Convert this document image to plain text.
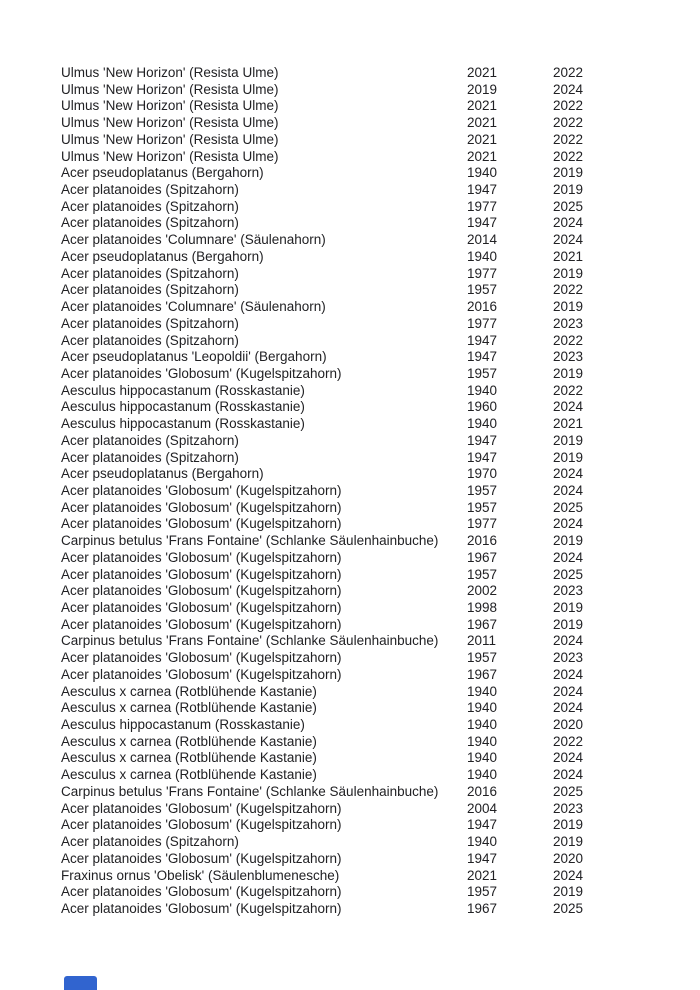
Ulmus 'New Horizon' (Resista Ulme)	2021	2022
Ulmus 'New Horizon' (Resista Ulme)	2019	2024
Ulmus 'New Horizon' (Resista Ulme)	2021	2022
Ulmus 'New Horizon' (Resista Ulme)	2021	2022
Ulmus 'New Horizon' (Resista Ulme)	2021	2022
Ulmus 'New Horizon' (Resista Ulme)	2021	2022
Acer pseudoplatanus (Bergahorn)	1940	2019
Acer platanoides (Spitzahorn)	1947	2019
Acer platanoides (Spitzahorn)	1977	2025
Acer platanoides (Spitzahorn)	1947	2024
Acer platanoides 'Columnare' (Säulenahorn)	2014	2024
Acer pseudoplatanus (Bergahorn)	1940	2021
Acer platanoides (Spitzahorn)	1977	2019
Acer platanoides (Spitzahorn)	1957	2022
Acer platanoides 'Columnare' (Säulenahorn)	2016	2019
Acer platanoides (Spitzahorn)	1977	2023
Acer platanoides (Spitzahorn)	1947	2022
Acer pseudoplatanus 'Leopoldii' (Bergahorn)	1947	2023
Acer platanoides 'Globosum' (Kugelspitzahorn)	1957	2019
Aesculus hippocastanum (Rosskastanie)	1940	2022
Aesculus hippocastanum (Rosskastanie)	1960	2024
Aesculus hippocastanum (Rosskastanie)	1940	2021
Acer platanoides (Spitzahorn)	1947	2019
Acer platanoides (Spitzahorn)	1947	2019
Acer pseudoplatanus (Bergahorn)	1970	2024
Acer platanoides 'Globosum' (Kugelspitzahorn)	1957	2024
Acer platanoides 'Globosum' (Kugelspitzahorn)	1957	2025
Acer platanoides 'Globosum' (Kugelspitzahorn)	1977	2024
Carpinus betulus 'Frans Fontaine' (Schlanke Säulenhainbuche)	2016	2019
Acer platanoides 'Globosum' (Kugelspitzahorn)	1967	2024
Acer platanoides 'Globosum' (Kugelspitzahorn)	1957	2025
Acer platanoides 'Globosum' (Kugelspitzahorn)	2002	2023
Acer platanoides 'Globosum' (Kugelspitzahorn)	1998	2019
Acer platanoides 'Globosum' (Kugelspitzahorn)	1967	2019
Carpinus betulus 'Frans Fontaine' (Schlanke Säulenhainbuche)	2011	2024
Acer platanoides 'Globosum' (Kugelspitzahorn)	1957	2023
Acer platanoides 'Globosum' (Kugelspitzahorn)	1967	2024
Aesculus x carnea (Rotblühende Kastanie)	1940	2024
Aesculus x carnea (Rotblühende Kastanie)	1940	2024
Aesculus hippocastanum (Rosskastanie)	1940	2020
Aesculus x carnea (Rotblühende Kastanie)	1940	2022
Aesculus x carnea (Rotblühende Kastanie)	1940	2024
Aesculus x carnea (Rotblühende Kastanie)	1940	2024
Carpinus betulus 'Frans Fontaine' (Schlanke Säulenhainbuche)	2016	2025
Acer platanoides 'Globosum' (Kugelspitzahorn)	2004	2023
Acer platanoides 'Globosum' (Kugelspitzahorn)	1947	2019
Acer platanoides (Spitzahorn)	1940	2019
Acer platanoides 'Globosum' (Kugelspitzahorn)	1947	2020
Fraxinus ornus 'Obelisk' (Säulenblumenesche)	2021	2024
Acer platanoides 'Globosum' (Kugelspitzahorn)	1957	2019
Acer platanoides 'Globosum' (Kugelspitzahorn)	1967	2025
